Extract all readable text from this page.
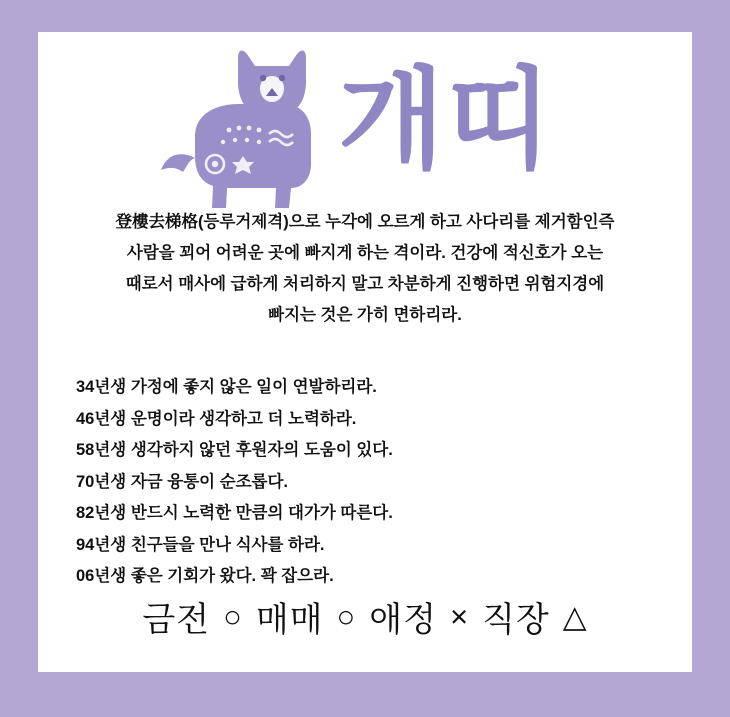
개띠
登樓去梯格(등루거제격)으로 누각에 오르게 하고 사다리를 제거함인즉
사람을 꾀어 어려운 곳에 빠지게 하는 격이라. 건강에 적신호가 오는
때로서 매사에 급하게 처리하지 말고 차분하게 진행하면 위험지경에
빠지는 것은 가히 면하리라.
34년생 가정에 좋지 않은 일이 연발하리라.
46년생 운명이라 생각하고 더 노력하라.
58년생 생각하지 않던 후원자의 도움이 있다.
70년생 자금 융통이 순조롭다.
82년생 반드시 노력한 만큼의 대가가 따른다.
94년생 친구들을 만나 식사를 하라.
06년생 좋은 기회가 왔다. 꽉 잡으라.
금전 ○ 매매 ○ 애정 × 직장 △
